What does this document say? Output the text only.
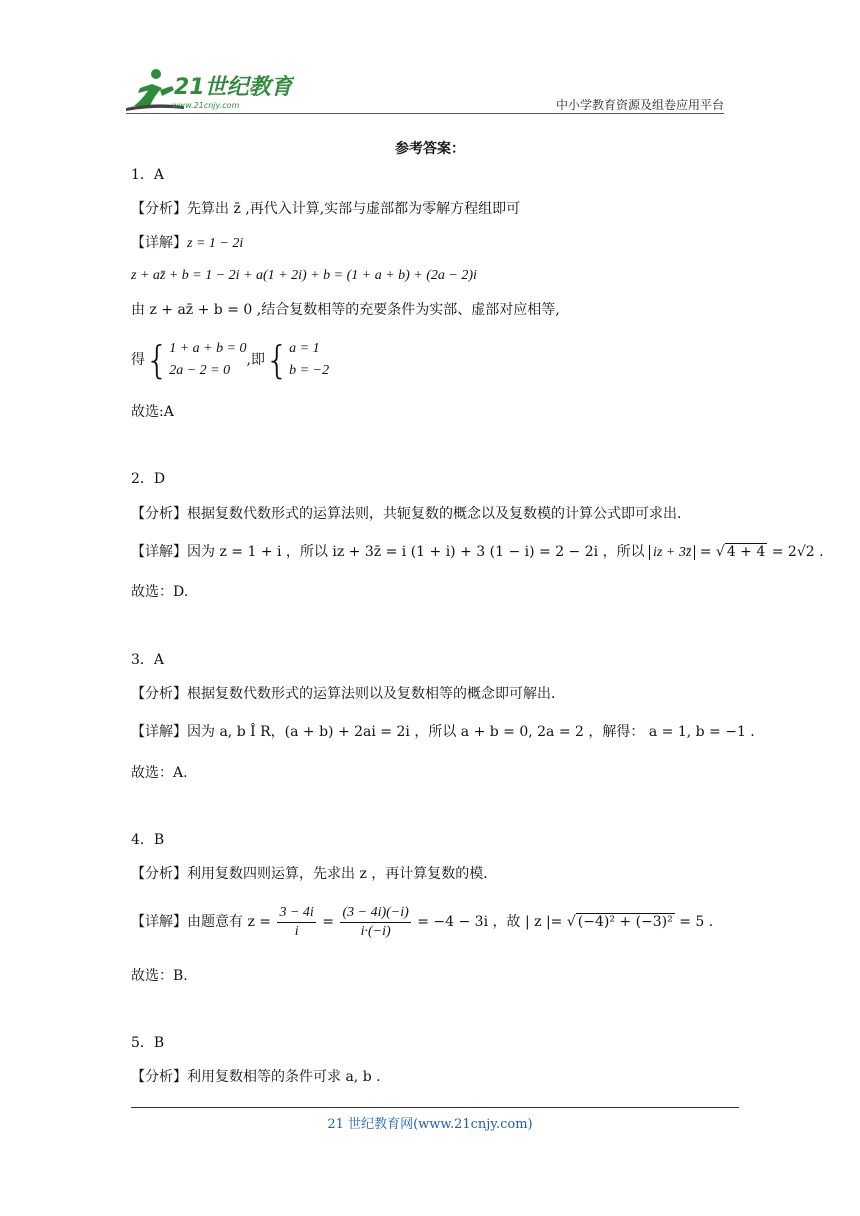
21世纪教育
www.21cnjy.com	中小学教育资源及组卷应用平台
参考答案：
1．A
【分析】先算出 z̄ ,再代入计算,实部与虚部都为零解方程组即可
【详解】z = 1 − 2i
z + az̄ + b = 1 − 2i + a(1 + 2i) + b = (1 + a + b) + (2a − 2)i
由 z + az̄ + b = 0 ,结合复数相等的充要条件为实部、虚部对应相等,
得{ 1 + a + b = 0
2a − 2 = 0
,即{ a = 1
b = −2
故选:A
2．D
【分析】根据复数代数形式的运算法则，共轭复数的概念以及复数模的计算公式即可求出．
【详解】因为 z = 1 + i ，所以 iz + 3z̄ = i (1 + i) + 3 (1 − i) = 2 − 2i ，所以 iz + 3z̄ = √ 4 + 4 = 2√2 .
故选：D.
3．A
【分析】根据复数代数形式的运算法则以及复数相等的概念即可解出．
【详解】因为 a, b Î R，(a + b) + 2ai = 2i ，所以 a + b = 0, 2a = 2 ，解得： a = 1, b = −1 .
故选：A.
4．B
【分析】利用复数四则运算，先求出 z ，再计算复数的模．
【详解】由题意有 $z = \frac{3 - 4i}{i} = \frac{(3 - 4i)(-i)}{i\cdot(-i)} = -4 - 3i$ ，故 | z |= √ (−4)² + (−3)² = 5 .
故选：B.
5．B
【分析】利用复数相等的条件可求 a, b .
21 世纪教育网(www.21cnjy.com)
